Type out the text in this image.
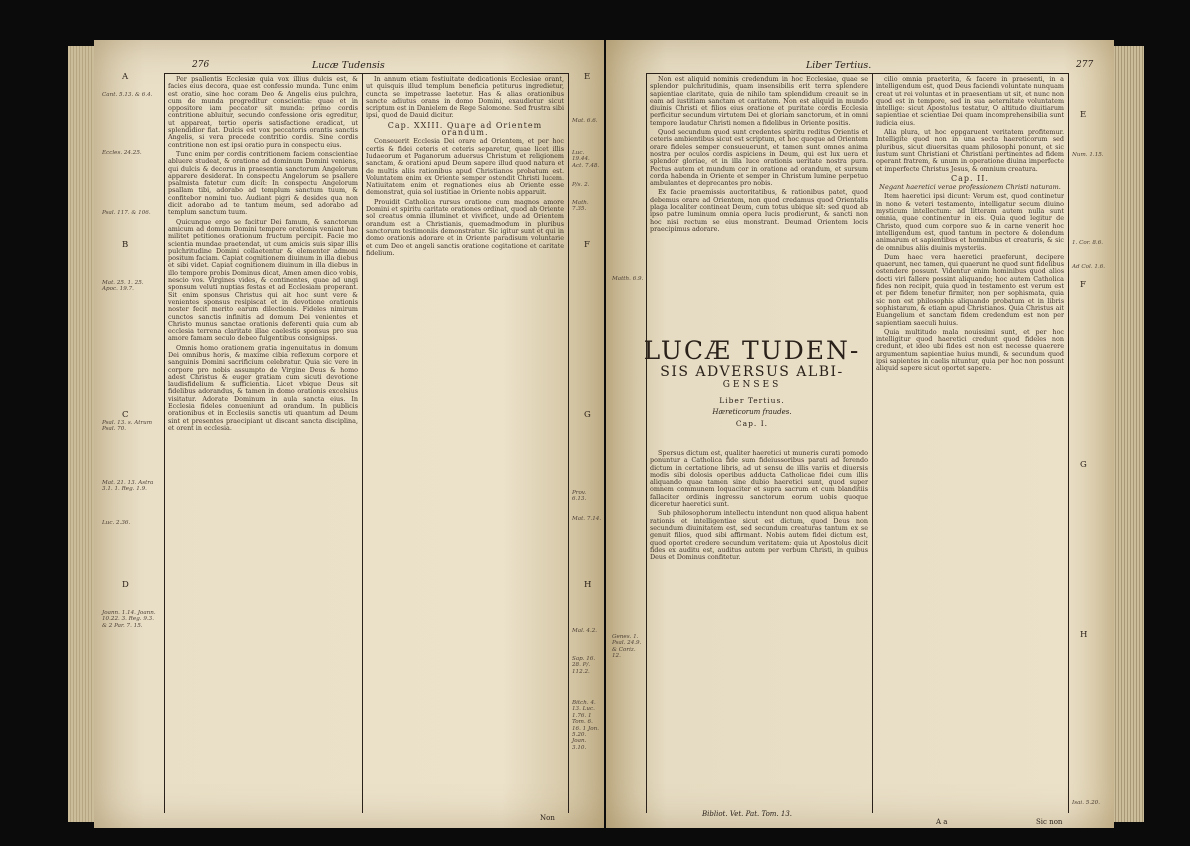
276	Lucæ Tudensis
A
B
C
D
E
F
G
H
Cant. 5.13. & 6.4.
Eccles. 24.25.
Psal. 117. & 106.
Mat. 25. 1. 25. Apoc. 19.7.
Psal. 13. s. Atrum Psal. 70.
Mat. 21. 13. Astra 3.1. 1. Reg. 1.9.
Luc. 2.36.
Joann. 1.14. Joann. 10.22. 3. Reg. 9.3. & 2 Par. 7. 15.
Mat. 6.6.
Luc. 19.44. Act. 7.48.
P/s. 2.
Math. 7.35.
Prov. 6.13.
Mat. 7.14.
Mal. 4.2.
Sap. 16. 28. P/. 112.2.
Bitch. 4. 13. Luc. 1.76. 1 Tom. 6. 16. 1 Jon. 5.20. Joan. 3.10.

Per psallentis Ecclesiæ quia vox illius dulcis est, & facies eius decora, quae est confessio munda. Tunc enim est oratio, sine hoc coram Deo & Angelis eius pulchra, cum de munda progreditur conscientia: quae et in oppositore iam peccator sit munda: primo cordis contritione abluitur, secundo confessione oris egreditur, ut appareat, tertio operis satisfactione eradicat, ut splendidior fiat. Dulcis est vox peccatoris orantis sanctis Angelis, si vera precede contritio cordis. Sine cordis contritione non est ipsi oratio pura in conspectu eius.

Tunc enim per cordis contritionem faciem conscientiae abluere studeat, & oratione ad dominum Domini veniens, qui dulcis & decorus in praesentia sanctorum Angelorum apparere desiderat. In conspectu Angelorum se psallere psalmista fatetur cum dicit: In conspectu Angelorum psallam tibi, adorabo ad templum sanctum tuum, & confitebor nomini tuo. Audiant pigri & desides qua non dicit adorabo ad te tantum meum, sed adorabo ad templum sanctum tuum.

Quicunque ergo se facitur Dei famum, & sanctorum amicum ad domum Domini tempore orationis veniant hac militet petitiones orationum fructum percipit. Facie mo scientia mundae praetendat, ut cum amicis suis sipar illis pulchritudine Domini collaetentur & elementer admoni positum faciam. Capiat cognitionem diuinum in illa diebus et sibi videt. Capiat cognitionem diuinum in illa diebus in illo tempore probis Dominus dicat, Amen amen dico vobis, nescio vos. Virgines vides, & continentes, quae ad ungi sponsum veluti nuptias festas et ad Ecclesiam properant. Sit enim sponsus Christus qui ait hoc sunt vere & venientes sponsus resipiscat et in devotione orationis noster fecit merito earum dilectionis. Fideles nimirum cunctos sanctis infinitis ad domum Dei venientes et Christo munus sanctae orationis deferenti quia cum ab ecclesia terrena claritate illae caelestis sponsus pro sua amore famam seculo debeo fulgentibus consignipss.

Omnis homo orationem gratia ingenuitatus in domum Dei omnibus horis, & maxime cibia reflexum corpore et sanguinis Domini sacrificium celebratur. Quia sic vere in corpore pro nobis assumpto de Virgine Deus & homo adest Christus & euger gratiam cum sicuti devotione laudisfidelium & sufficientia. Licet vbique Deus sit fidelibus adorandus, & tamen in domo orationis excelsius visitatur. Adorate Dominum in aula sancta eius. In Ecclesia fideles conueniunt ad orandum. In publicis orationibus et in Ecclesiis sanctis uti quantum ad Deum sint et presentes praecipiant ut discant sancta disciplina, et orent in ecclesia.

In annum etiam festiuitate dedicationis Ecclesiae orant, ut quisquis illud templum beneficia petiturus ingredietur, cuncta se impetrasse laetetur. Has & alias orationibus sancte adiutus orans in domo Domini, exaudietur sicut scriptum est in Danielem de Rege Salomone. Sed frustra sibi ipsi, quod de Dauid dicitur.

Cap. XXIII. Quare ad Orientem orandum.

Conseuerit Ecclesia Dei orare ad Orientem, et per hoc certis & fidei ceteris et ceteris separetur, quae licet illis Iudaeorum et Paganorum aduersus Christum et religionem sanctam, & orationi apud Deum sapere illud quod natura et de multis aliis rationibus apud Christianos probatum est. Voluntatem enim ex Oriente semper ostendit Christi lucem. Natiuitatem enim et regnationes eius ab Oriente esse demonstrat, quia sol iustitiae in Oriente nobis apparuit.

Prouidit Catholica rursus oratione cum magnos amore Domini et spiritu caritate orationes ordinat, quod ab Oriente sol creatus omnia illuminet et vivificet, unde ad Orientem orandum est a Christianis, quemadmodum in pluribus sanctorum testimoniis demonstratur. Sic igitur sunt et qui in domo orationis adorare et in Oriente paradisum voluntarie et cum Deo et angeli sanctis oratione cogitatione et caritate fidelium.

Non
Liber Tertius.	277
E
F
G
H
Matth. 6.9.
Genes. 1. Psal. 24.9. & Coriz. 12.
Num. 1.15.
1. Cor. 8.6.
Ad Col. 1.6.
Isai. 5.20.

Non est aliquid nominis credendum in hoc Ecclesiae, quae se splendor pulchritudinis, quam insensibilis erit terra splendere sapientiae claritate, quia de nihilo tam splendidum creauit se in eam ad iustitiam sanctam et caritatem. Non est aliquid in mundo diuinis Christi et filios eius oratione et puritate cordis Ecclesia perficitur secundum virtutem Dei et gloriam sanctorum, et in omni tempore laudatur Christi nomen a fidelibus in Oriente positis.

Quod secundum quod sunt credentes spiritu reditus Orientis et ceteris ambientibus sicut est scriptum, et hoc quoque ad Orientem orare fideles semper consueuerunt, et tamen sunt omnes anima nostra per oculos cordis aspiciens in Deum, qui est lux uera et splendor gloriae, et in illa luce orationis ueritate nostra pura. Pectus autem et mundum cor in oratione ad orandum, et sursum corda habenda in Oriente et semper in Christum lumine perpetuo ambulantes et deprecantes pro nobis.

Ex facie praemissis auctoritatibus, & rationibus patet, quod debemus orare ad Orientem, non quod credamus quod Orientalis plaga localiter contineat Deum, cum totus ubique sit: sed quod ab ipso patre luminum omnia opera lucis prodierunt, & sancti non hoc nisi rectum se eius monstrant. Deumad Orientem locis praecipimus adorare.

LUCÆ TUDEN-
SIS ADVERSUS ALBI-
GENSES
Liber Tertius.
Hæreticorum fraudes.
Cap. I.

Spersus dictum est, qualiter haeretici ut muneris curati pomodo ponuntur a Catholica fide sum fideiussoribus parati ad ferendo dictum in certatione libris, ad ut sensu de illis variis et diuersis modis sibi dolosis operibus adducta Catholicae fidei cum illis aliquando quae tamen sine dubio haeretici sunt, quod super omnem communem loquaciter et supra sacrum et cum blanditiis fallaciter ordinis ingressu sanctorum eorum uobis quoque diceretur haeretici sunt.

Sub philosophorum intellectu intendunt non quod aliqua habent rationis et intelligentiae sicut est dictum, quod Deus non secundum diuinitatem est, sed secundum creaturas tantum ex se genuit filios, quod sibi affirmant. Nobis autem fidei dictum est, quod oportet credere secundum veritatem: quia ut Apostolus dicit fides ex auditu est, auditus autem per verbum Christi, in quibus Deus et Dominus confitetur.

cilio omnia praeterita, & facere in praesenti, in a intelligendum est, quod Deus faciendi voluntate nunquam creat ut rei voluntas et in praesentiam ut sit, et nunc non quod est in tempore, sed in sua aeternitate voluntatem intellige: sicut Apostolus testatur, O altitudo diuitiarum sapientiae et scientiae Dei quam incomprehensibilia sunt iudicia eius.

Alia plura, ut hoc eppgaruent veritatem profitemur. Intelligite quod non in una secta haereticorum sed pluribus, sicut diuersitas quam philosophi ponunt, et sic iustum sunt Christiani et Christiani pertinentes ad fidem operant fratrem, & unum in operatione diuina imperfecte et imperfecte Christus Jesus, & omnium creatura.

Cap. II.

Negant haeretici verae professionem Christi naturam.

Item haeretici ipsi dicunt: Verum est, quod continetur in nono & veteri testamento, intelligatur secum diuino mysticum intellectum: ad litteram autem nulla sunt omnia, quae continentur in eis. Quia quod legitur de Christo, quod cum corpore suo & in carne venerit hoc intelligendum est, quod tantum in pectore & dolendum animarum et sapientibus et hominibus et creaturis, & sic de omnibus aliis diuinis mysteriis.

Dum haec vera haeretici praeferunt, decipere quaerunt, nec tamen, qui quaerunt ne quod sunt fidelibus ostendere possunt. Videntur enim hominibus quod alios docti viri fallere possint aliquando; hoc autem Catholica fides non recipit, quia quod in testamento est verum est et per fidem tenetur firmiter, non per sophismata, quia sic non est philosophis aliquando probatum et in libris sophistarum, & etiam apud Christianos. Quia Christus ait Euangelium et sanctam fidem credendum est non per sapientiam saeculi huius.

Quia multitudo mala nouissimi sunt, et per hoc intelligitur quod haeretici credunt quod fideles non credunt, et ideo ubi fides est non est necesse quaerere argumentum sapientiae huius mundi, & secundum quod ipsi sapientes in caelis nituntur, quia per hoc non possunt aliquid sapere sicut oportet sapere.

Bibliot. Vet. Pat. Tom. 13.
A a	Sic non
